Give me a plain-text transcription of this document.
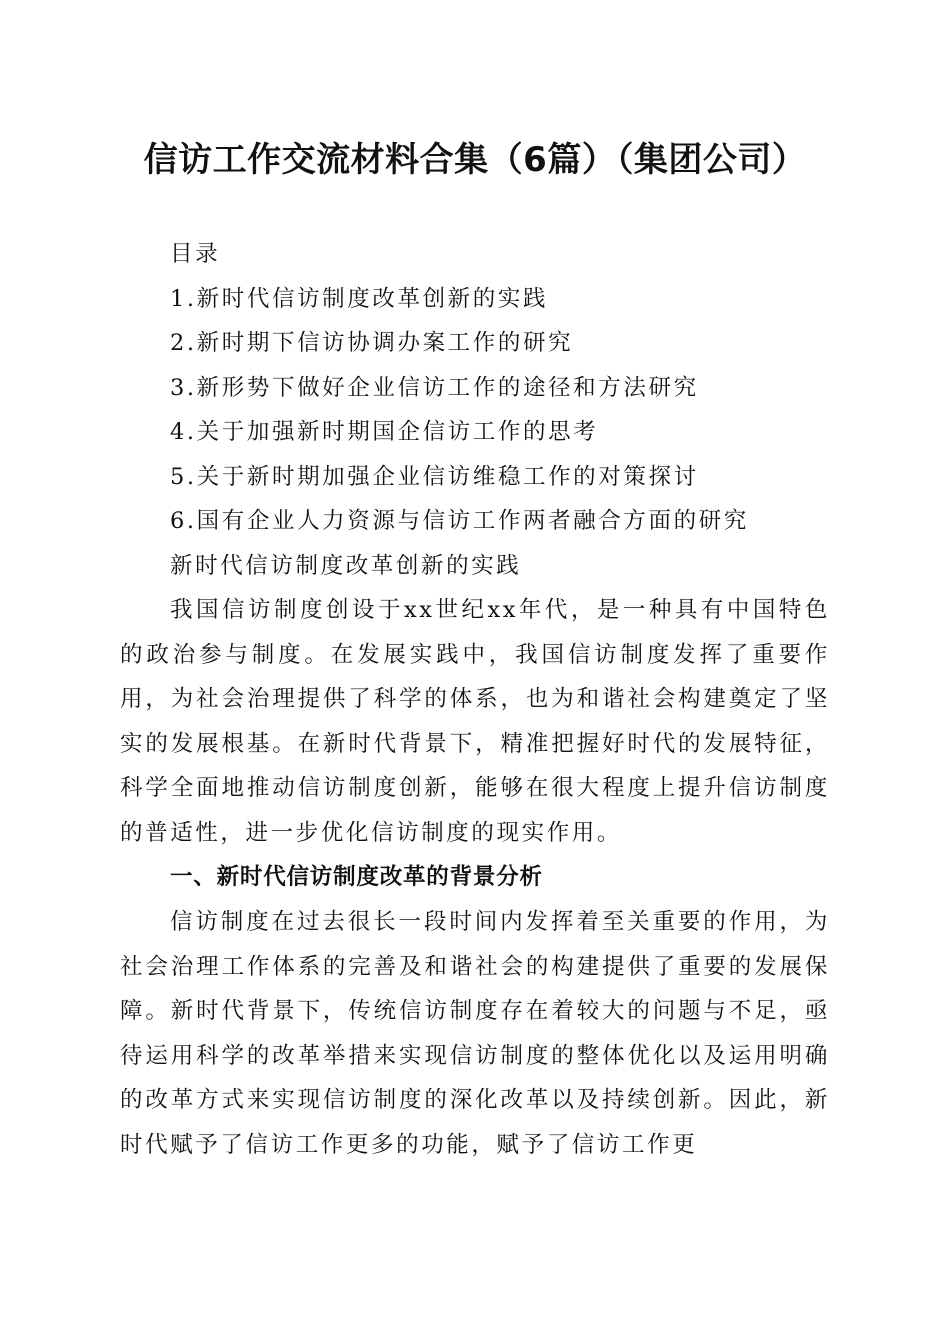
信访工作交流材料合集（6篇）（集团公司）
目录
1.新时代信访制度改革创新的实践
2.新时期下信访协调办案工作的研究
3.新形势下做好企业信访工作的途径和方法研究
4.关于加强新时期国企信访工作的思考
5.关于新时期加强企业信访维稳工作的对策探讨
6.国有企业人力资源与信访工作两者融合方面的研究
新时代信访制度改革创新的实践

我国信访制度创设于xx世纪xx年代，是一种具有中国特色的政治参与制度。在发展实践中，我国信访制度发挥了重要作用，为社会治理提供了科学的体系，也为和谐社会构建奠定了坚实的发展根基。在新时代背景下，精准把握好时代的发展特征，科学全面地推动信访制度创新，能够在很大程度上提升信访制度的普适性，进一步优化信访制度的现实作用。

一、新时代信访制度改革的背景分析

信访制度在过去很长一段时间内发挥着至关重要的作用，为社会治理工作体系的完善及和谐社会的构建提供了重要的发展保障。新时代背景下，传统信访制度存在着较大的问题与不足，亟待运用科学的改革举措来实现信访制度的整体优化以及运用明确的改革方式来实现信访制度的深化改革以及持续创新。因此，新时代赋予了信访工作更多的功能，赋予了信访工作更
